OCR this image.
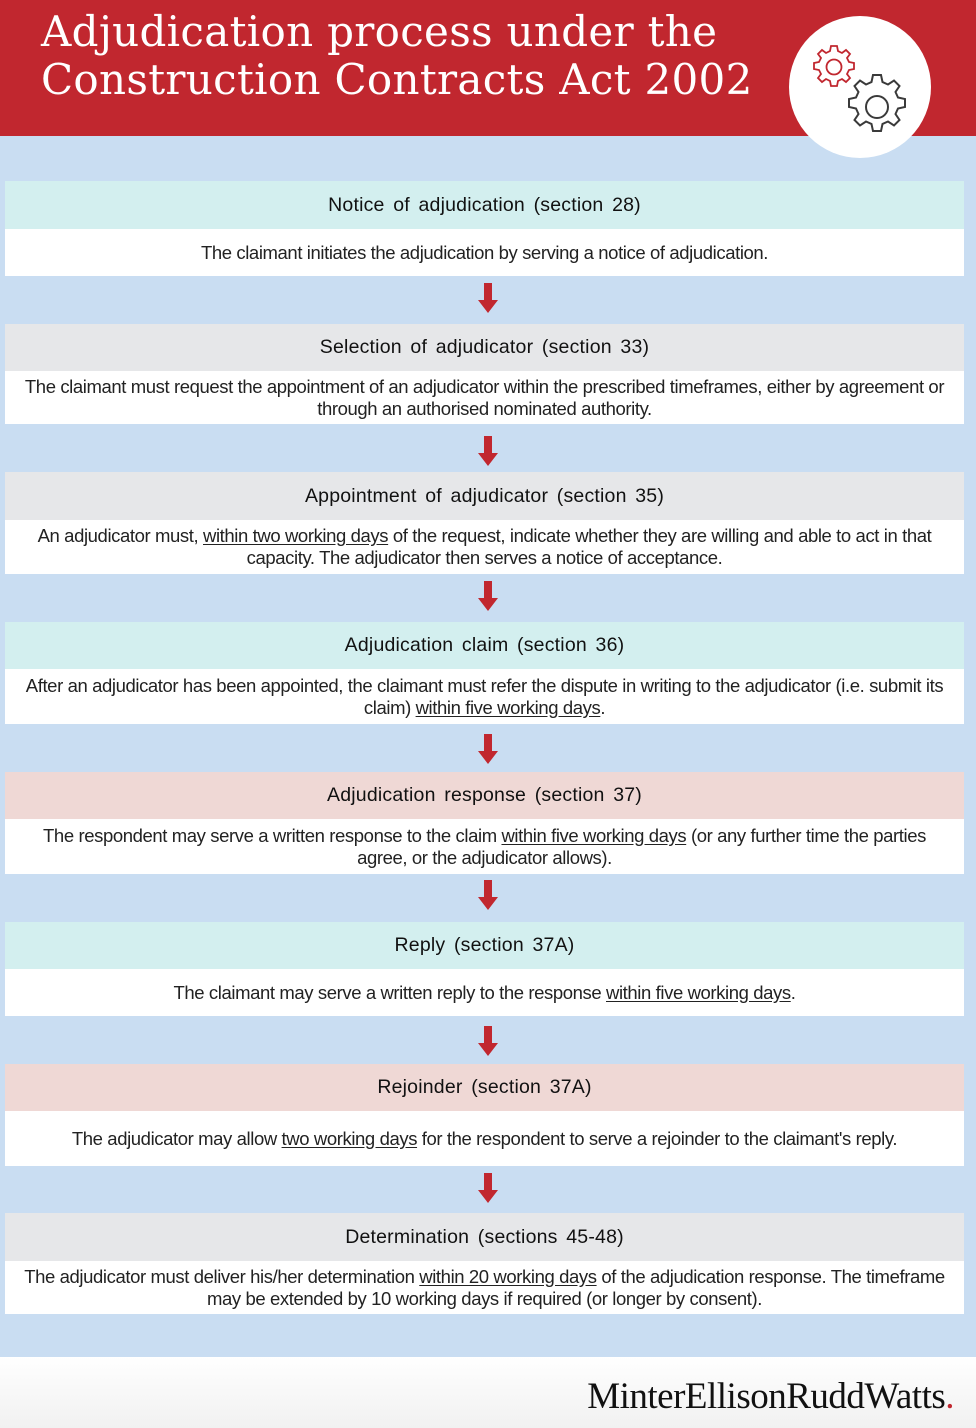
Adjudication process under the
Construction Contracts Act 2002
Notice of adjudication (section 28)
The claimant initiates the adjudication by serving a notice of adjudication.
Selection of adjudicator (section 33)
The claimant must request the appointment of an adjudicator within the prescribed timeframes, either by agreement or through an authorised nominated authority.
Appointment of adjudicator (section 35)
An adjudicator must, within two working days of the request, indicate whether they are willing and able to act in that capacity. The adjudicator then serves a notice of acceptance.
Adjudication claim (section 36)
After an adjudicator has been appointed, the claimant must refer the dispute in writing to the adjudicator (i.e. submit its claim) within five working days.
Adjudication response (section 37)
The respondent may serve a written response to the claim within five working days (or any further time the parties agree, or the adjudicator allows).
Reply (section 37A)
The claimant may serve a written reply to the response within five working days.
Rejoinder (section 37A)
The adjudicator may allow two working days for the respondent to serve a rejoinder to the claimant's reply.
Determination (sections 45-48)
The adjudicator must deliver his/her determination within 20 working days of the adjudication response. The timeframe may be extended by 10 working days if required (or longer by consent).
MinterEllisonRuddWatts.
